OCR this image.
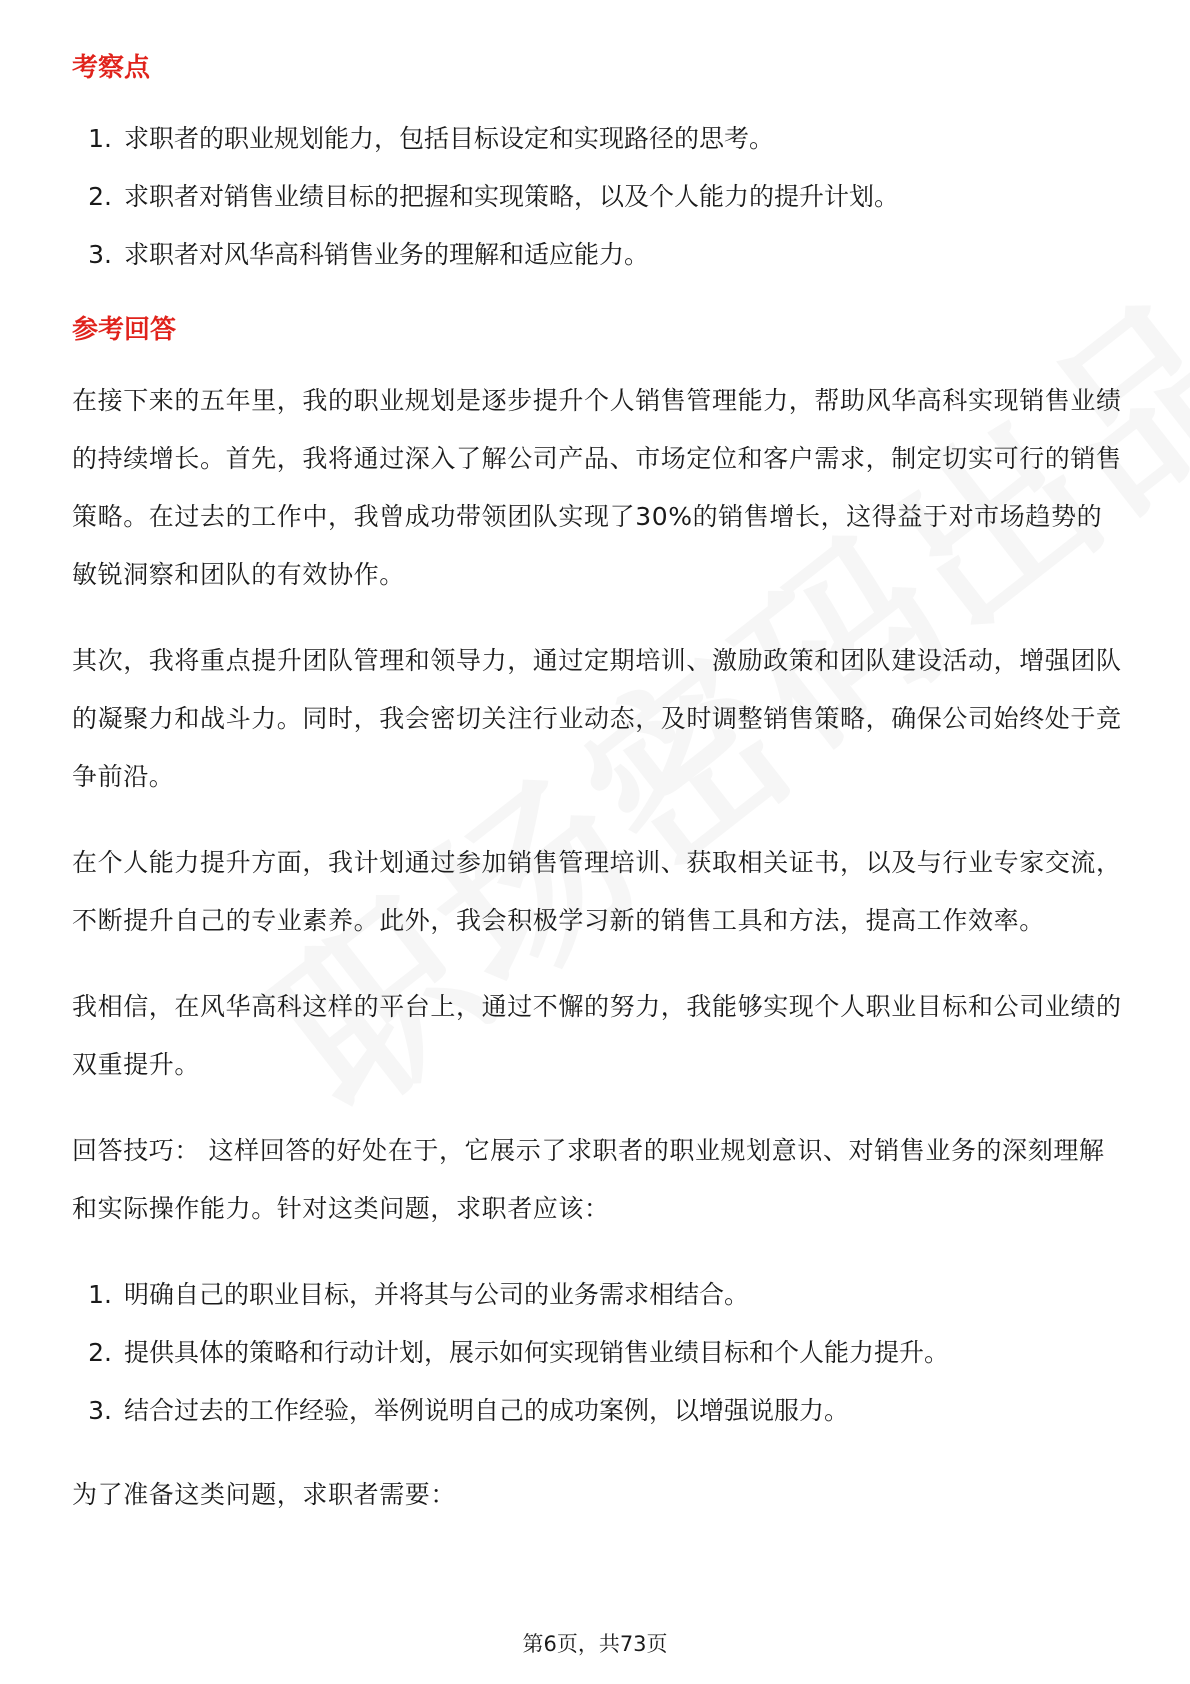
考察点
1. 求职者的职业规划能力，包括目标设定和实现路径的思考。
2. 求职者对销售业绩目标的把握和实现策略，以及个人能力的提升计划。
3. 求职者对风华高科销售业务的理解和适应能力。
参考回答

在接下来的五年里，我的职业规划是逐步提升个人销售管理能力，帮助风华高科实现销售业绩的持续增长。首先，我将通过深入了解公司产品、市场定位和客户需求，制定切实可行的销售策略。在过去的工作中，我曾成功带领团队实现了30%的销售增长，这得益于对市场趋势的敏锐洞察和团队的有效协作。

其次，我将重点提升团队管理和领导力，通过定期培训、激励政策和团队建设活动，增强团队的凝聚力和战斗力。同时，我会密切关注行业动态，及时调整销售策略，确保公司始终处于竞争前沿。

在个人能力提升方面，我计划通过参加销售管理培训、获取相关证书，以及与行业专家交流，不断提升自己的专业素养。此外，我会积极学习新的销售工具和方法，提高工作效率。

我相信，在风华高科这样的平台上，通过不懈的努力，我能够实现个人职业目标和公司业绩的双重提升。

回答技巧： 这样回答的好处在于，它展示了求职者的职业规划意识、对销售业务的深刻理解和实际操作能力。针对这类问题，求职者应该：

1. 明确自己的职业目标，并将其与公司的业务需求相结合。
2. 提供具体的策略和行动计划，展示如何实现销售业绩目标和个人能力提升。
3. 结合过去的工作经验，举例说明自己的成功案例，以增强说服力。

为了准备这类问题，求职者需要：

第6页，共73页
